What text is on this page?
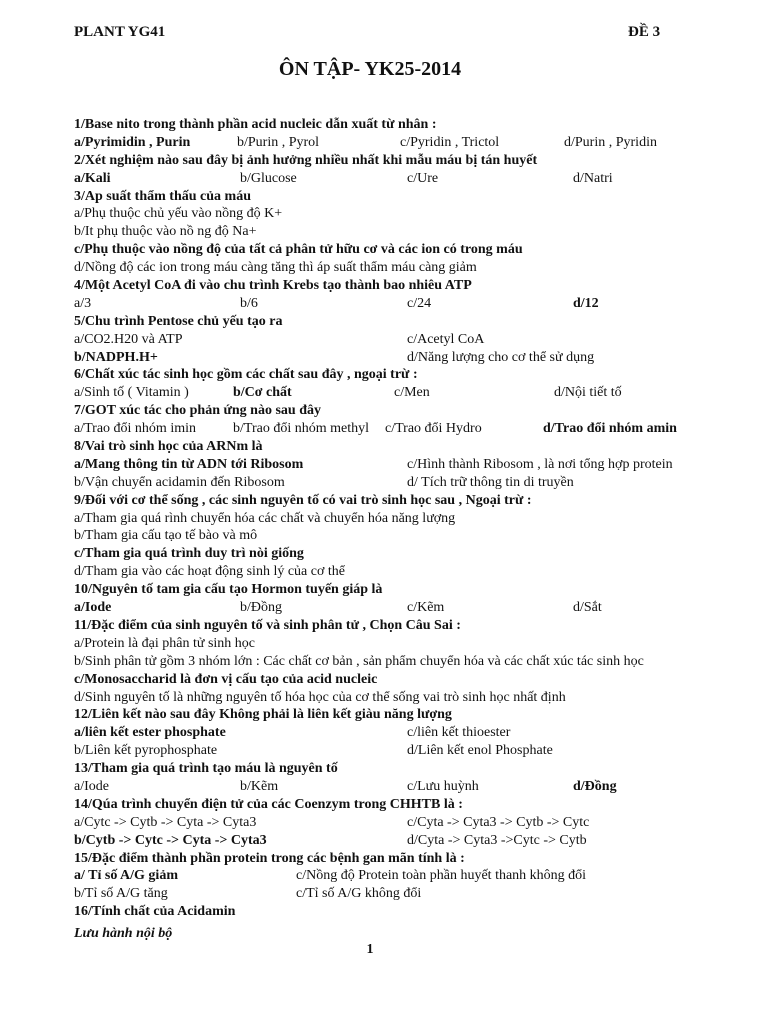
PLANT YG41	ĐỀ 3
ÔN TẬP- YK25-2014
1/Base nito trong thành phần acid nucleic dẫn xuất từ nhân :
a/Pyrimidin , Purin	b/Purin , Pyrol	c/Pyridin , Trictol	d/Purin , Pyridin
2/Xét nghiệm nào sau đây bị ảnh hưởng nhiều nhất khi mẫu máu bị tán huyết
a/Kali	b/Glucose	c/Ure	d/Natri
3/Ap suất thẩm thấu của máu
a/Phụ thuộc chủ yếu vào nồng độ K+
b/It phụ thuộc vào nồ ng độ Na+
c/Phụ thuộc vào nồng độ của tất cả phân tử hữu cơ và các ion có trong máu
d/Nồng độ các ion trong máu càng tăng thì áp suất thẩm máu càng giảm
4/Một Acetyl CoA đi vào chu trình Krebs tạo thành bao nhiêu ATP
a/3	b/6	c/24	d/12
5/Chu trình Pentose chủ yếu tạo ra
a/CO2.H20 và ATP	c/Acetyl CoA
b/NADPH.H+	d/Năng lượng cho cơ thể sử dụng
6/Chất xúc tác sinh học gồm các chất sau đây , ngoại trừ :
a/Sinh tố ( Vitamin )	b/Cơ chất	c/Men	d/Nội tiết tố
7/GOT xúc tác cho phản ứng nào sau đây
a/Trao đổi nhóm imin	b/Trao đổi nhóm methyl c/Trao đổi Hydro	d/Trao đổi nhóm amin
8/Vai trò sinh học của ARNm là
a/Mang thông tin từ ADN tới Ribosom	c/Hình thành Ribosom , là nơi tổng hợp protein
b/Vận chuyển acidamin đến Ribosom	d/ Tích trữ thông tin di truyền
9/Đối với cơ thể sống , các sinh nguyên tố có vai trò sinh học sau , Ngoại trừ :
a/Tham gia quá rình chuyển hóa các chất và chuyển hóa năng lượng
b/Tham gia cấu tạo tế bào và mô
c/Tham gia quá trình duy trì nòi giống
d/Tham gia vào các hoạt động sinh lý của cơ thể
10/Nguyên tố tam gia cấu tạo Hormon tuyến giáp là
a/Iode	b/Đồng	c/Kẽm	d/Sắt
11/Đặc điểm của sinh nguyên tố và sinh phân tử , Chọn Câu Sai :
a/Protein là đại phân tử sinh học
b/Sinh phân tử gồm 3 nhóm lớn : Các chất cơ bản , sản phẩm chuyển hóa và các chất xúc tác sinh học
c/Monosaccharid là đơn vị cấu tạo của acid nucleic
d/Sinh nguyên tố là những nguyên tố hóa học của cơ thể sống vai trò sinh học nhất định
12/Liên kết nào sau đây Không phải là liên kết giàu năng lượng
a/liên kết ester phosphate	c/liên kết thioester
b/Liên kết pyrophosphate	d/Liên kết enol Phosphate
13/Tham gia quá trình tạo máu là nguyên tố
a/Iode	b/Kẽm	c/Lưu huỳnh	d/Đồng
14/Qúa trình chuyển điện tử của các Coenzym trong CHHTB là :
a/Cytc -> Cytb -> Cyta -> Cyta3	c/Cyta -> Cyta3 -> Cytb -> Cytc
b/Cytb -> Cytc -> Cyta -> Cyta3	d/Cyta -> Cyta3 ->Cytc -> Cytb
15/Đặc điểm thành phần protein trong các bệnh gan mãn tính là :
a/ Tỉ số A/G giảm	c/Nồng độ Protein toàn phần huyết thanh không đổi
b/Tỉ số A/G tăng	c/Tỉ số A/G không đổi
16/Tính chất của Acidamin
Lưu hành nội bộ
1
